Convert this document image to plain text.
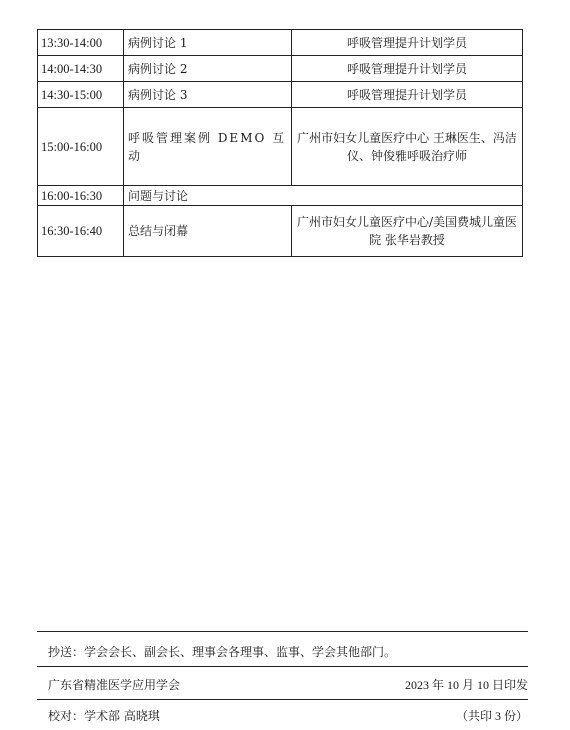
13:30-14:00	病例讨论 1	呼吸管理提升计划学员
14:00-14:30	病例讨论 2	呼吸管理提升计划学员
14:30-15:00	病例讨论 3	呼吸管理提升计划学员
15:00-16:00	呼吸管理案例 DEMO 互动	广州市妇女儿童医疗中心 王琳医生、冯洁仪、钟俊雅呼吸治疗师
16:00-16:30	问题与讨论	
16:30-16:40	总结与闭幕	广州市妇女儿童医疗中心/美国费城儿童医院 张华岩教授
抄送：学会会长、副会长、理事会各理事、监事、学会其他部门。
广东省精准医学应用学会	2023 年 10 月 10 日印发
校对：学术部 高晓琪	（共印 3 份）
